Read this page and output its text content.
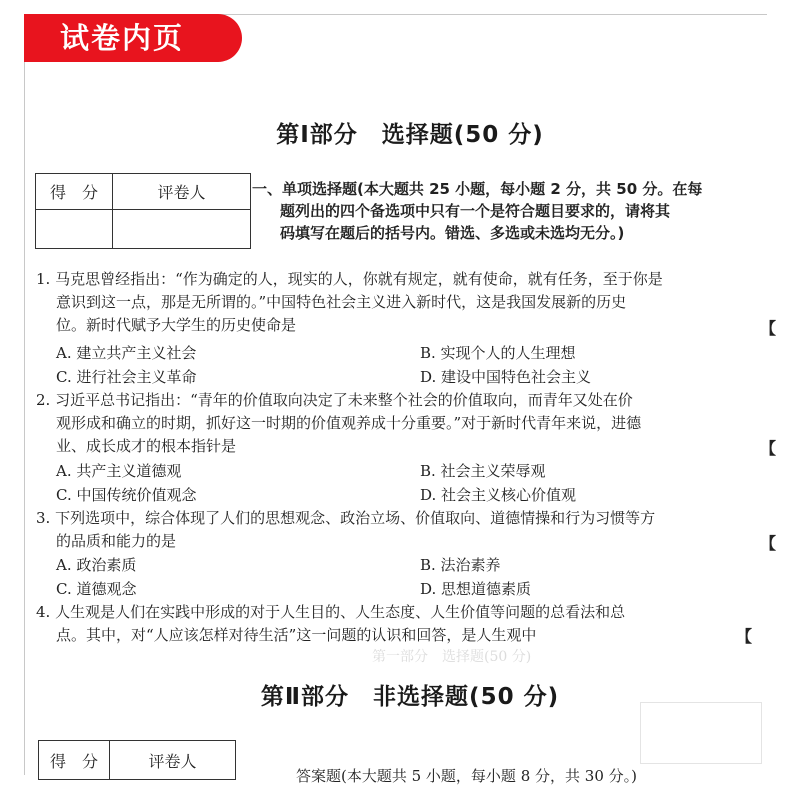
试卷内页
第一部分　选择题(50 分)
第Ⅰ部分　选择题(50 分)
得　分	评卷人
		一、单项选择题(本大题共 25 小题，每小题 2 分，共 50 分。在每
题列出的四个备选项中只有一个是符合题目要求的，请将其
码填写在题后的括号内。错选、多选或未选均无分。)
1. 马克思曾经指出：“作为确定的人，现实的人，你就有规定，就有使命，就有任务，至于你是
意识到这一点，那是无所谓的。”中国特色社会主义进入新时代，这是我国发展新的历史
位。新时代赋予大学生的历史使命是	【
A. 建立共产主义社会	B. 实现个人的人生理想
C. 进行社会主义革命	D. 建设中国特色社会主义
2. 习近平总书记指出：“青年的价值取向决定了未来整个社会的价值取向，而青年又处在价
观形成和确立的时期，抓好这一时期的价值观养成十分重要。”对于新时代青年来说，进德
业、成长成才的根本指针是	【
A. 共产主义道德观	B. 社会主义荣辱观
C. 中国传统价值观念	D. 社会主义核心价值观
3. 下列选项中，综合体现了人们的思想观念、政治立场、价值取向、道德情操和行为习惯等方
的品质和能力的是	【
A. 政治素质	B. 法治素养
C. 道德观念	D. 思想道德素质
4. 人生观是人们在实践中形成的对于人生目的、人生态度、人生价值等问题的总看法和总
点。其中，对“人应该怎样对待生活”这一问题的认识和回答，是人生观中	【
第Ⅱ部分　非选择题(50 分)
得　分	评卷人
答案题(本大题共 5 小题，每小题 8 分，共 30 分。)
